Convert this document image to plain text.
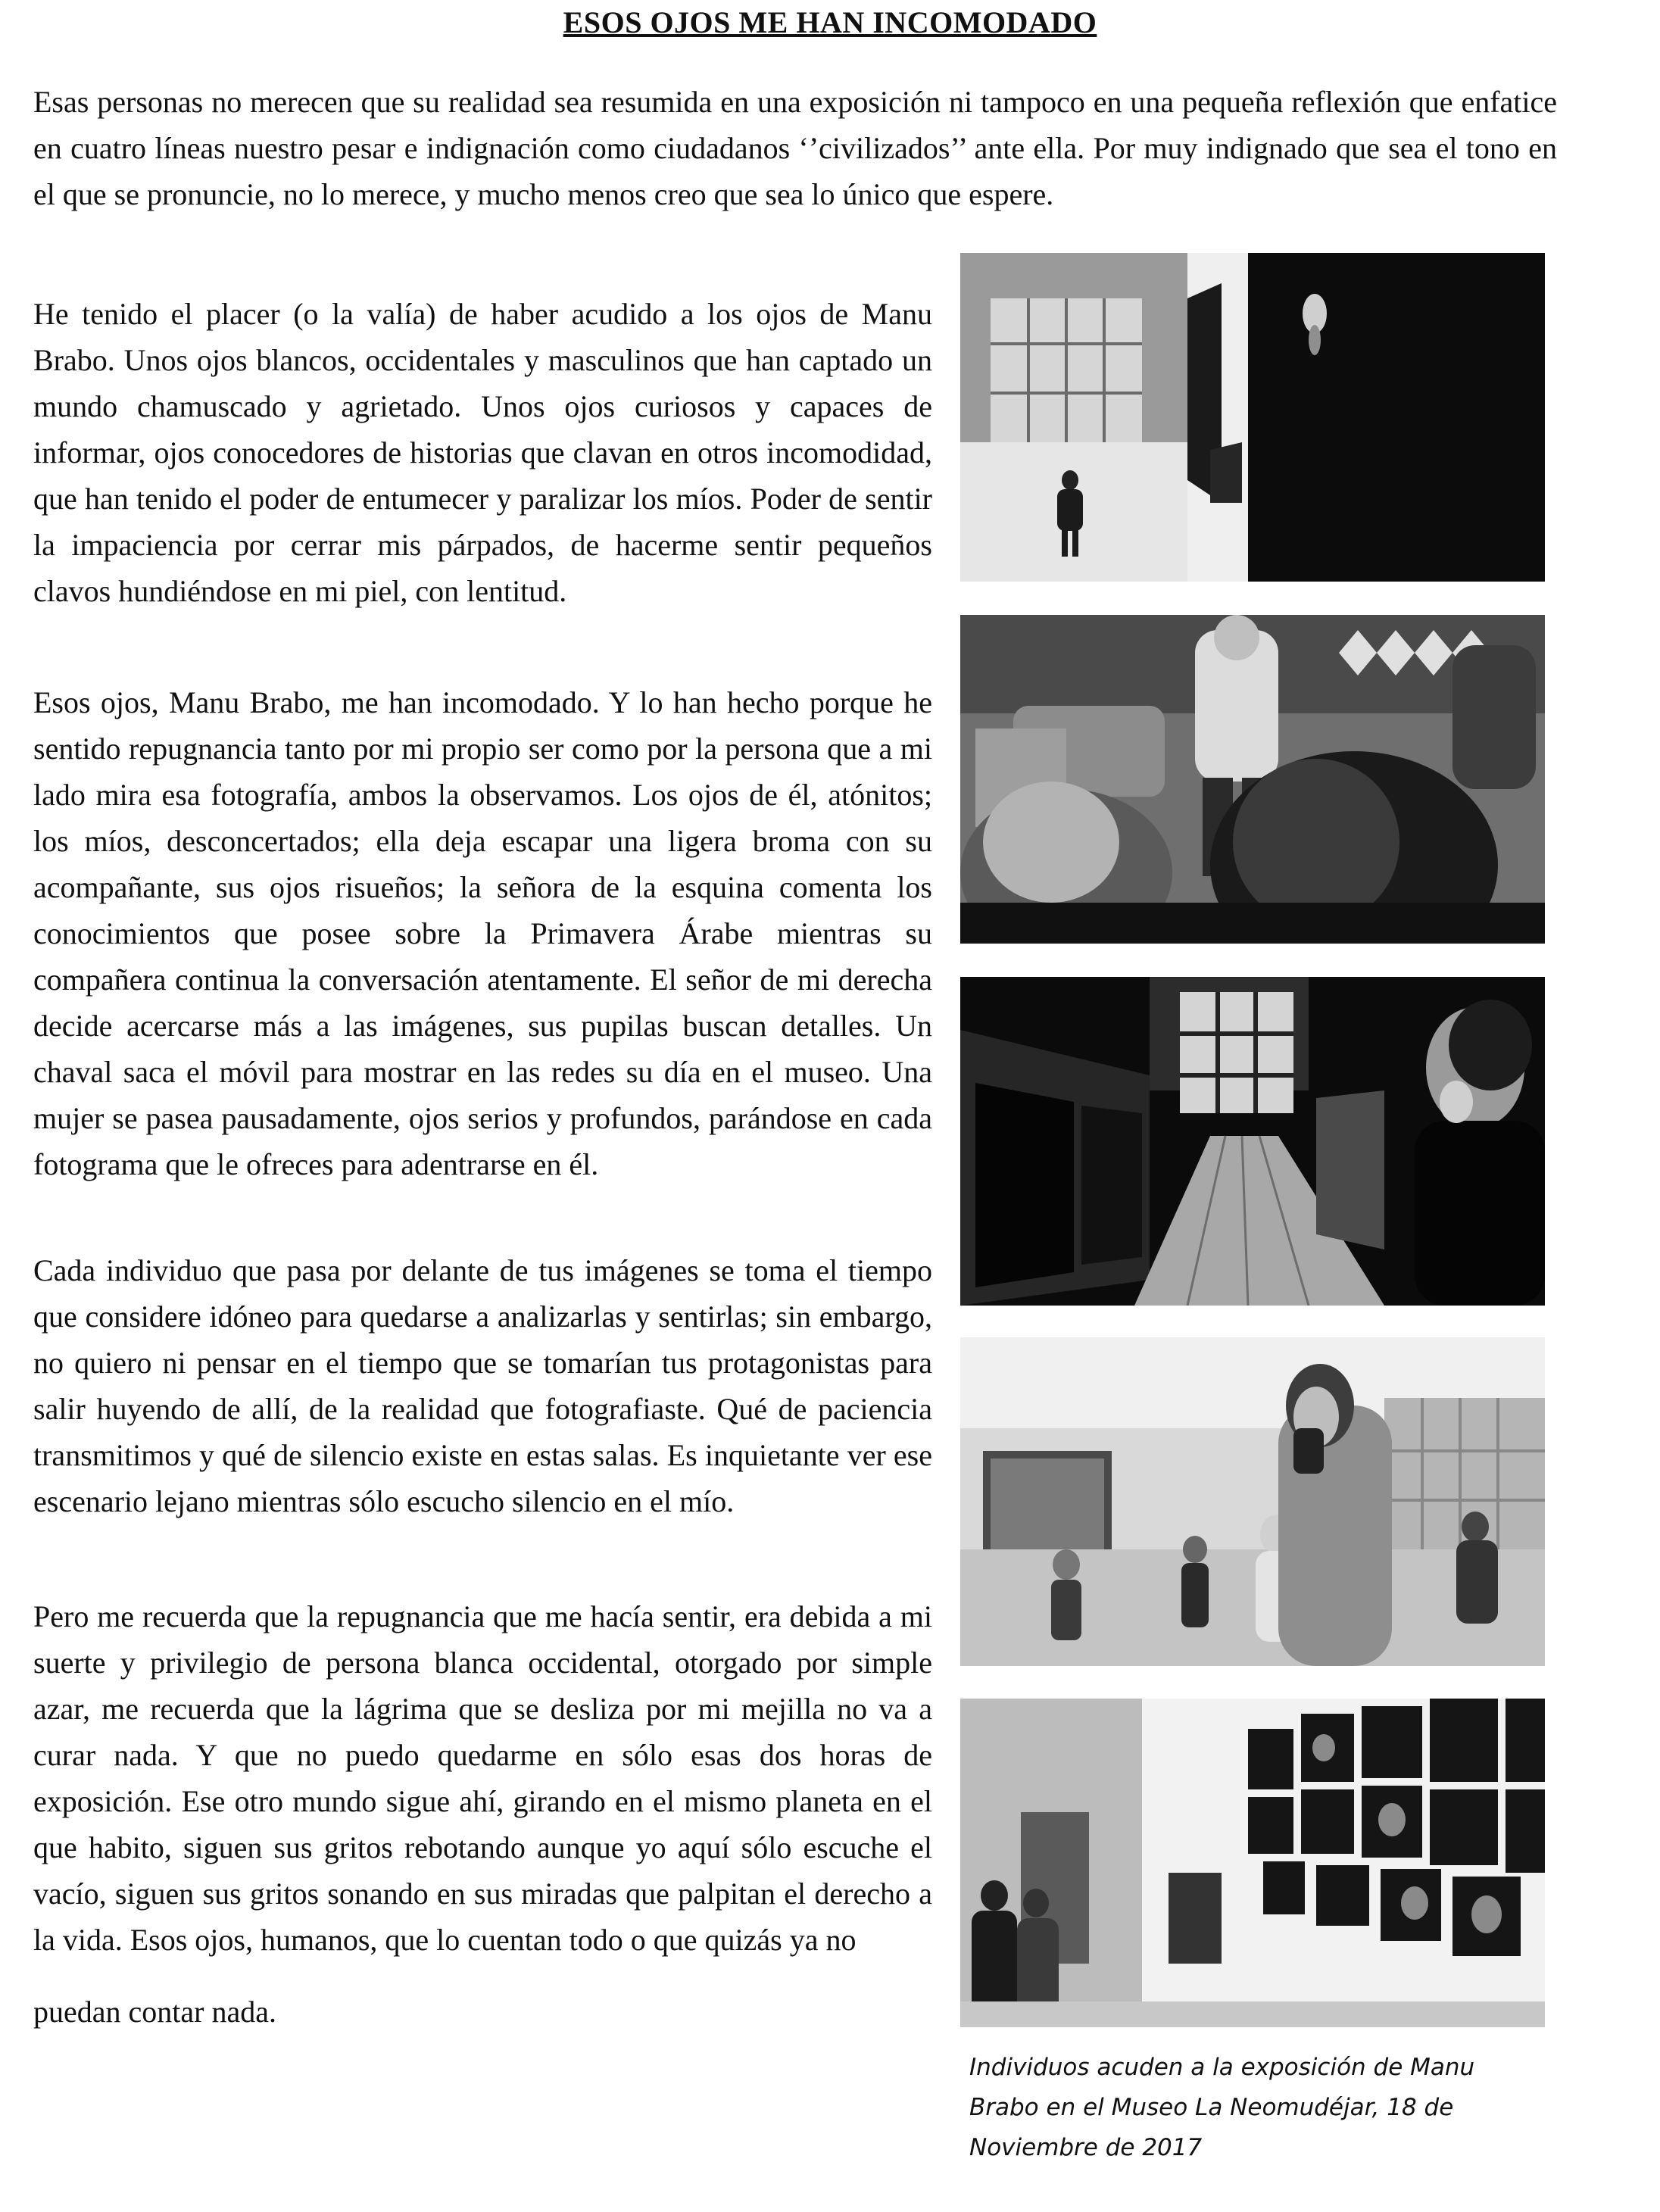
ESOS OJOS ME HAN INCOMODADO

Esas personas no merecen que su realidad sea resumida en una exposición ni tampoco en una pequeña reflexión que enfatice en cuatro líneas nuestro pesar e indignación como ciudadanos ‘’civilizados’’ ante ella. Por muy indignado que sea el tono en el que se pronuncie, no lo merece, y mucho menos creo que sea lo único que espere.

He tenido el placer (o la valía) de haber acudido a los ojos de Manu Brabo. Unos ojos blancos, occidentales y masculinos que han captado un mundo chamuscado y agrietado. Unos ojos curiosos y capaces de informar, ojos conocedores de historias que clavan en otros incomodidad, que han tenido el poder de entumecer y paralizar los míos. Poder de sentir la impaciencia por cerrar mis párpados, de hacerme sentir pequeños clavos hundiéndose en mi piel, con lentitud.

Esos ojos, Manu Brabo, me han incomodado. Y lo han hecho porque he sentido repugnancia tanto por mi propio ser como por la persona que a mi lado mira esa fotografía, ambos la observamos. Los ojos de él, atónitos; los míos, desconcertados; ella deja escapar una ligera broma con su acompañante, sus ojos risueños; la señora de la esquina comenta los conocimientos que posee sobre la Primavera Árabe mientras su compañera continua la conversación atentamente. El señor de mi derecha decide acercarse más a las imágenes, sus pupilas buscan detalles. Un chaval saca el móvil para mostrar en las redes su día en el museo. Una mujer se pasea pausadamente, ojos serios y profundos, parándose en cada fotograma que le ofreces para adentrarse en él.

Cada individuo que pasa por delante de tus imágenes se toma el tiempo que considere idóneo para quedarse a analizarlas y sentirlas; sin embargo, no quiero ni pensar en el tiempo que se tomarían tus protagonistas para salir huyendo de allí, de la realidad que fotografiaste. Qué de paciencia transmitimos y qué de silencio existe en estas salas. Es inquietante ver ese escenario lejano mientras sólo escucho silencio en el mío.

Pero me recuerda que la repugnancia que me hacía sentir, era debida a mi suerte y privilegio de persona blanca occidental, otorgado por simple azar, me recuerda que la lágrima que se desliza por mi mejilla no va a curar nada. Y que no puedo quedarme en sólo esas dos horas de exposición. Ese otro mundo sigue ahí, girando en el mismo planeta en el que habito, siguen sus gritos rebotando aunque yo aquí sólo escuche el vacío, siguen sus gritos sonando en sus miradas que palpitan el derecho a la vida. Esos ojos, humanos, que lo cuentan todo o que quizás ya no

puedan contar nada.

Individuos acuden a la exposición de Manu Brabo en el Museo La Neomudéjar, 18 de Noviembre de 2017
